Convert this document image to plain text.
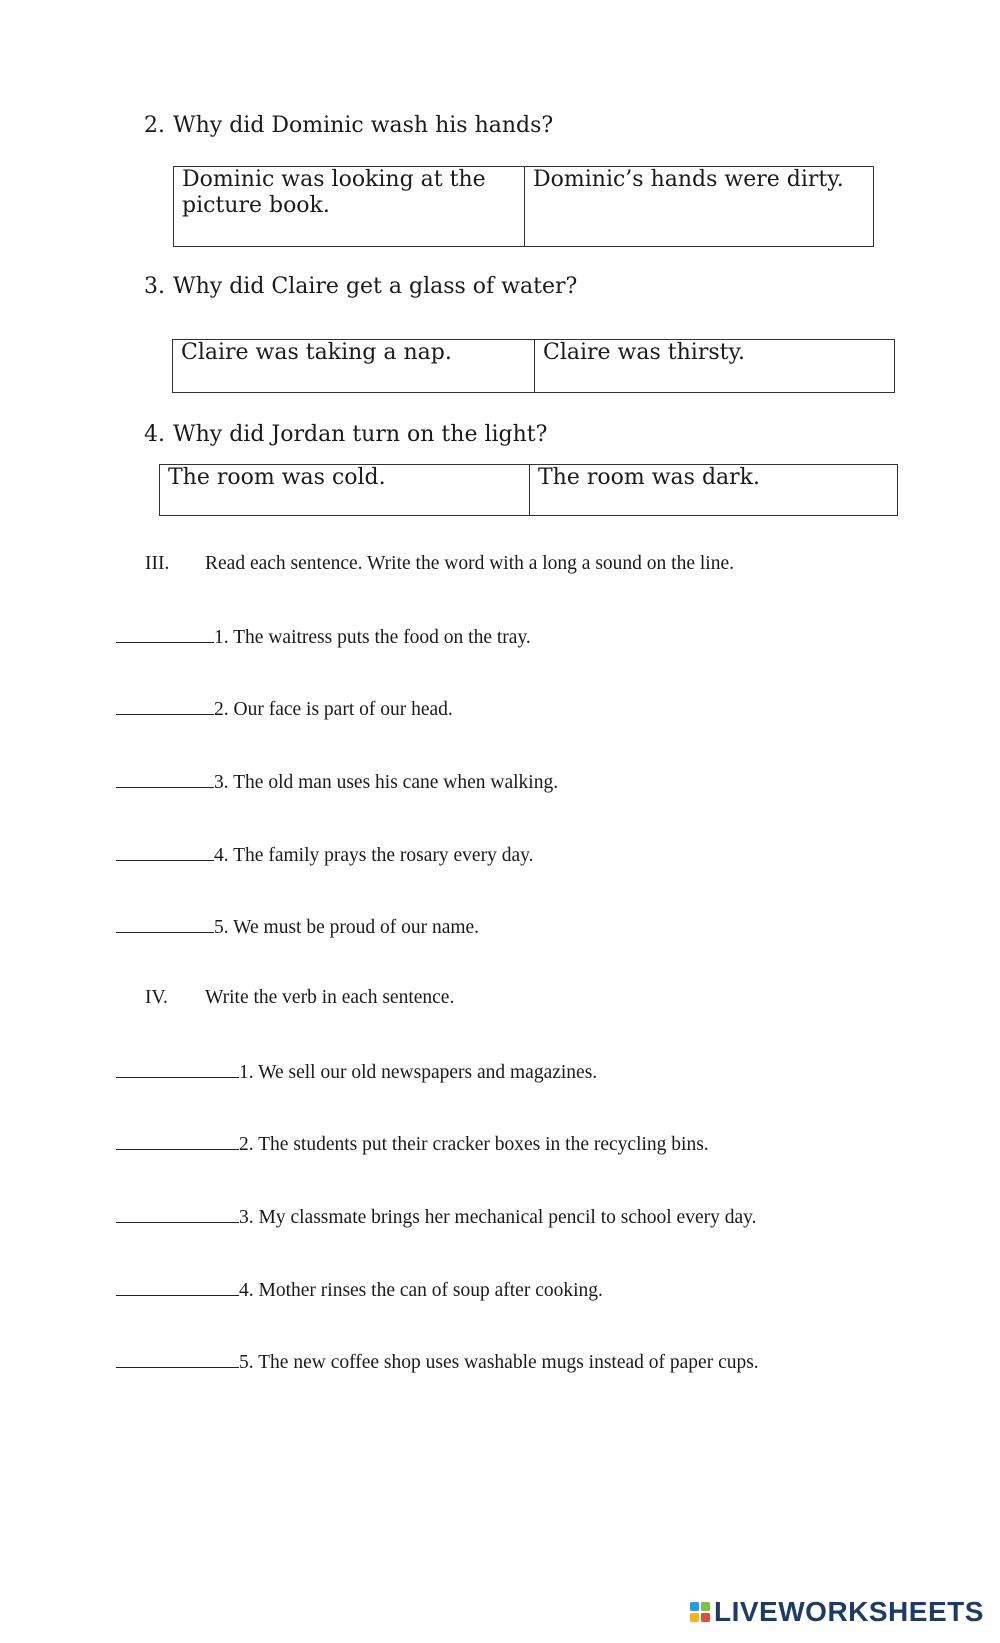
2. Why did Dominic wash his hands?
Dominic was looking at the picture book.	Dominic’s hands were dirty.
3. Why did Claire get a glass of water?
Claire was taking a nap.	Claire was thirsty.
4. Why did Jordan turn on the light?
The room was cold.	The room was dark.
III. Read each sentence. Write the word with a long a sound on the line.
1. The waitress puts the food on the tray.
2. Our face is part of our head.
3. The old man uses his cane when walking.
4. The family prays the rosary every day.
5. We must be proud of our name.
IV. Write the verb in each sentence.
1. We sell our old newspapers and magazines.
2. The students put their cracker boxes in the recycling bins.
3. My classmate brings her mechanical pencil to school every day.
4. Mother rinses the can of soup after cooking.
5. The new coffee shop uses washable mugs instead of paper cups.
LIVEWORKSHEETS
